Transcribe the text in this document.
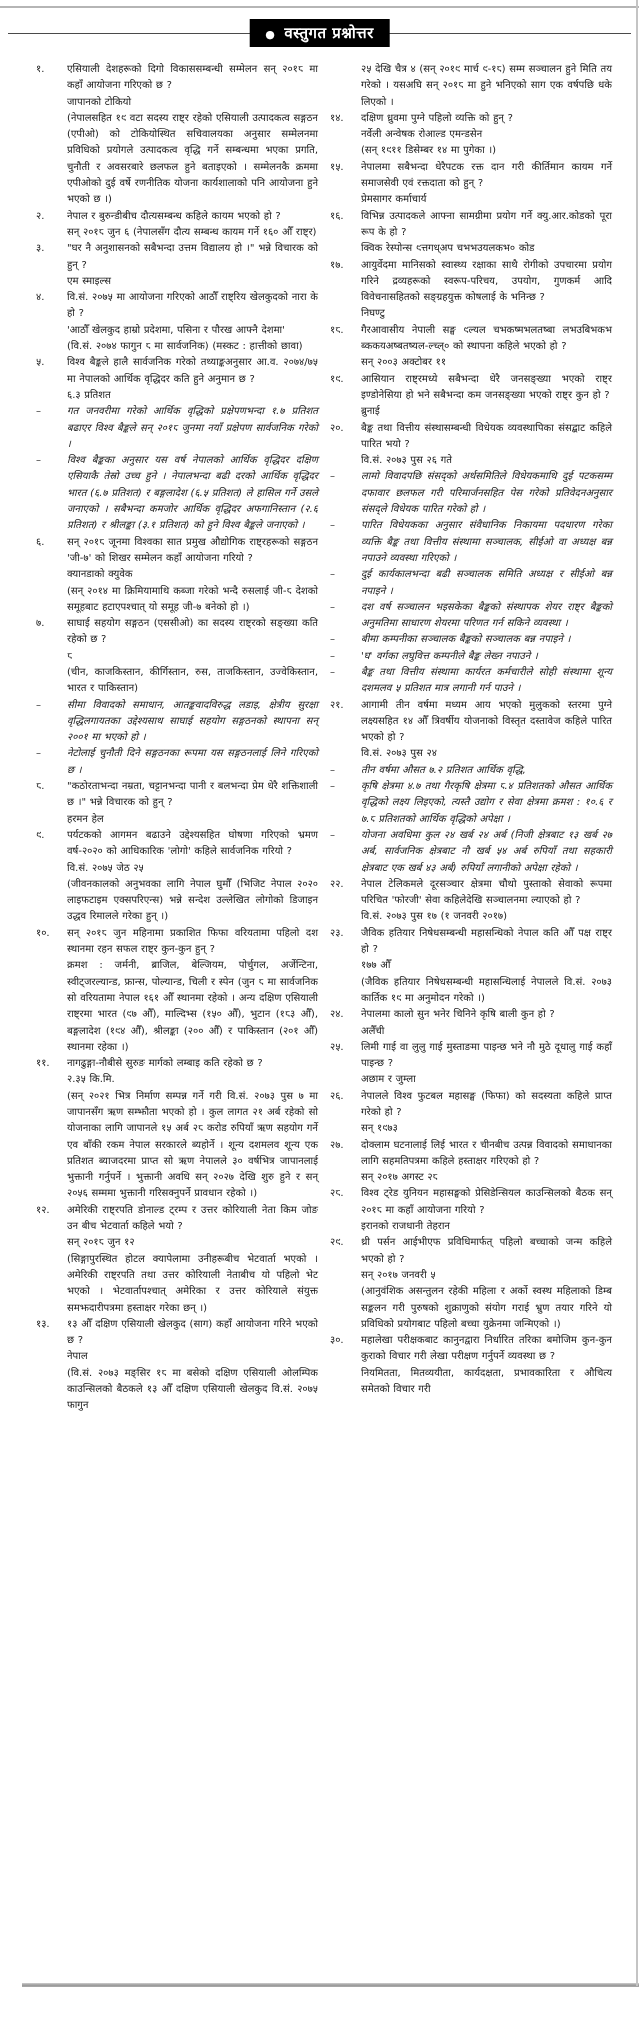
● वस्तुगत प्रश्नोत्तर
१.	एसियाली देशहरूको दिगो विकाससम्बन्धी सम्मेलन सन् २०१८ मा कहाँ आयोजना गरिएको छ ?
जापानको टोकियो
(नेपालसहित १९ वटा सदस्य राष्ट्र रहेको एसियाली उत्पादकत्व सङ्गठन (एपीओ) को टोकियोस्थित सचिवालयका अनुसार सम्मेलनमा प्रविधिको प्रयोगले उत्पादकत्व वृद्धि गर्ने सम्बन्धमा भएका प्रगति, चुनौती र अवसरबारे छलफल हुने बताइएको । सम्मेलनकै क्रममा एपीओको दुई वर्षे रणनीतिक योजना कार्यशालाको पनि आयोजना हुने भएको छ ।)
२.	नेपाल र बुरुन्डीबीच दौत्यसम्बन्ध कहिले कायम भएको हो ?
सन् २०१८ जुन ६ (नेपालसँग दौत्य सम्बन्ध कायम गर्ने १६० औँ राष्ट्र)
३.	"घर नै अनुशासनको सबैभन्दा उत्तम विद्यालय हो ।" भन्ने विचारक को हुन् ?
एम स्माइल्स
४.	वि.सं. २०७५ मा आयोजना गरिएको आठौँ राष्ट्रिय खेलकुदको नारा के हो ?
'आठौँ खेलकुद हाम्रो प्रदेशमा, पसिना र पौरख आफ्नै देशमा'
(वि.सं. २०७४ फागुन ८ मा सार्वजनिक) (मस्कट : हात्तीको छावा)
५.	विश्व बैङ्कले हालै सार्वजनिक गरेको तथ्याङ्कअनुसार आ.व. २०७४/७५ मा नेपालको आर्थिक वृद्धिदर कति हुने अनुमान छ ?
६.३ प्रतिशत
–	गत जनवरीमा गरेको आर्थिक वृद्धिको प्रक्षेपणभन्दा १.७ प्रतिशत बढाएर विश्व बैङ्कले सन् २०१८ जुनमा नयाँ प्रक्षेपण सार्वजनिक गरेको ।
–	विश्व बैङ्कका अनुसार यस वर्ष नेपालको आर्थिक वृद्धिदर दक्षिण एसियाकै तेस्रो उच्च हुने । नेपालभन्दा बढी दरको आर्थिक वृद्धिदर भारत (६.७ प्रतिशत) र बङ्गलादेश (६.५ प्रतिशत) ले हासिल गर्ने उसले जनाएको । सबैभन्दा कमजोर आर्थिक वृद्धिदर अफगानिस्तान (२.६ प्रतिशत) र श्रीलङ्का (३.१ प्रतिशत) को हुने विश्व बैङ्कले जनाएको ।
६.	सन् २०१८ जूनमा विश्वका सात प्रमुख औद्योगिक राष्ट्रहरूको सङ्गठन 'जी-७' को शिखर सम्मेलन कहाँ आयोजना गरियो ?
क्यानडाको क्युवेक
(सन् २०१४ मा क्रिमियामाथि कब्जा गरेको भन्दै रुसलाई जी-८ देशको समूहबाट हटाएपश्चात् यो समूह जी-७ बनेको हो ।)
७.	साघाई सहयोग सङ्गठन (एससीओ) का सदस्य राष्ट्रको सङ्ख्या कति रहेको छ ?
८
(चीन, काजकिस्तान, कीर्गिस्तान, रुस, ताजकिस्तान, उज्वेकिस्तान, भारत र पाकिस्तान)
–	सीमा विवादको समाधान, आतङ्कवादविरुद्ध लडाइ, क्षेत्रीय सुरक्षा वृद्धिलगायतका उद्देश्यसाथ साघाई सहयोग सङ्गठनको स्थापना सन् २००१ मा भएको हो ।
–	नेटोलाई चुनौती दिने सङ्गठनका रूपमा यस सङ्गठनलाई लिने गरिएको छ ।
८.	"कठोरताभन्दा नम्रता, चट्टानभन्दा पानी र बलभन्दा प्रेम धेरै शक्तिशाली छ ।" भन्ने विचारक को हुन् ?
हरमन हेल
९.	पर्यटकको आगमन बढाउने उद्देश्यसहित घोषणा गरिएको भ्रमण वर्ष-२०२० को आधिकारिक 'लोगो' कहिले सार्वजनिक गरियो ?
वि.सं. २०७५ जेठ २५
(जीवनकालको अनुभवका लागि नेपाल घुमौँ (भिजिट नेपाल २०२० लाइफटाइम एक्सपरिएन्स) भन्ने सन्देश उल्लेखित लोगोको डिजाइन उद्धव रिमालले गरेका हुन् ।)
१०.	सन् २०१८ जुन महिनामा प्रकाशित फिफा वरियतामा पहिलो दश स्थानमा रहन सफल राष्ट्र कुन-कुन हुन् ?
क्रमश : जर्मनी, ब्राजिल, बेल्जियम, पोर्चुगल, अर्जेन्टिना, स्वीट्जरल्यान्ड, फ्रान्स, पोल्यान्ड, चिली र स्पेन (जुन ८ मा सार्वजनिक सो वरियतामा नेपाल १६१ औँ स्थानमा रहेको । अन्य दक्षिण एसियाली राष्ट्रमा भारत (९७ औँ), माल्दिभ्स (१५० औँ), भुटान (१८३ औँ), बङ्गलादेश (१९४ औँ), श्रीलङ्का (२०० औँ) र पाकिस्तान (२०१ औँ) स्थानमा रहेका ।)
११.	नागढुङ्गा-नौबीसे सुरुङ मार्गको लम्बाइ कति रहेको छ ?
२.३५ कि.मि.
(सन् २०२१ भित्र निर्माण सम्पन्न गर्ने गरी वि.सं. २०७३ पुस ७ मा जापानसँग ऋण सम्झौता भएको हो । कुल लागत २१ अर्ब रहेको सो योजनाका लागि जापानले १५ अर्ब २८ करोड रुपियाँ ऋण सहयोग गर्ने एव बाँकी रकम नेपाल सरकारले ब्यहोर्ने । शून्य दशमलव शून्य एक प्रतिशत ब्याजदरमा प्राप्त सो ऋण नेपालले ३० वर्षभित्र जापानलाई भुक्तानी गर्नुपर्ने । भुक्तानी अवधि सन् २०२७ देखि शुरु हुने र सन् २०५६ सम्ममा भुक्तानी गरिसक्नुपर्ने प्रावधान रहेको ।)
१२.	अमेरिकी राष्ट्रपति डोनाल्ड ट्रम्प र उत्तर कोरियाली नेता किम जोङ उन बीच भेटवार्ता कहिले भयो ?
सन् २०१८ जुन १२
(सिङ्गापुरस्थित होटल क्यापेलामा उनीहरूबीच भेटवार्ता भएको । अमेरिकी राष्ट्रपति तथा उत्तर कोरियाली नेताबीच यो पहिलो भेट भएको । भेटवार्तापश्चात् अमेरिका र उत्तर कोरियाले संयुक्त समझदारीपत्रमा हस्ताक्षर गरेका छन् ।)
१३.	१३ औँ दक्षिण एसियाली खेलकुद (साग) कहाँ आयोजना गरिने भएको छ ?
नेपाल
(वि.सं. २०७३ मङ्सिर १८ मा बसेको दक्षिण एसियाली ओलम्पिक काउन्सिलको बैठकले १३ औँ दक्षिण एसियाली खेलकुद वि.सं. २०७५ फागुन
२५ देखि चैत्र ४ (सन् २०१९ मार्च ९-१८) सम्म सञ्चालन हुने मिति तय गरेको । यसअघि सन् २०१८ मा हुने भनिएको साग एक वर्षपछि धके लिएको ।
१४.	दक्षिण ध्रुवमा पुग्ने पहिलो व्यक्ति को हुन् ?
नर्वेली अन्वेषक रोआल्ड एमन्डसेन
(सन् १९११ डिसेम्बर १४ मा पुगेका ।)
१५.	नेपालमा सबैभन्दा धेरैपटक रक्त दान गरी कीर्तिमान कायम गर्ने समाजसेवी एवं रक्तदाता को हुन् ?
प्रेमसागर कर्माचार्य
१६.	विभिन्न उत्पादकले आफ्ना सामग्रीमा प्रयोग गर्ने क्यु.आर.कोडको पूरा रूप के हो ?
क्विक रेस्पोन्स ९त्तगध्अप चभभउयलकभ० कोड
१७.	आयुर्वेदमा मानिसको स्वास्थ्य रक्षाका साथै रोगीको उपचारमा प्रयोग गरिने द्रव्यहरूको स्वरूप-परिचय, उपयोग, गुणकर्म आदि विवेचनासहितको सङ्ग्रहयुक्त कोषलाई के भनिन्छ ?
निघण्टु
१८.	गैरआवासीय नेपाली सङ्घ ९ल्यल चभकष्मभलतष्बा लभउबिभकभ ब्ककयअष्बतष्यल-ल्च्ल्० को स्थापना कहिले भएको हो ?
सन् २००३ अक्टोबर ११
१९.	आसियान राष्ट्रमध्ये सबैभन्दा धेरै जनसङ्ख्या भएको राष्ट्र इण्डोनेसिया हो भने सबैभन्दा कम जनसङ्ख्या भएको राष्ट्र कुन हो ?
ब्रुनाई
२०.	बैङ्क तथा वित्तीय संस्थासम्बन्धी विधेयक व्यवस्थापिका संसद्बाट कहिले पारित भयो ?
वि.सं. २०७३ पुस २६ गते
–	लामो विवादपछि संसद्को अर्थसमितिले विधेयकमाथि दुई पटकसम्म दफावार छलफल गरी परिमार्जनसहित पेस गरेको प्रतिवेदनअनुसार संसद्ले विधेयक पारित गरेको हो ।
–	पारित विधेयकका अनुसार संवैधानिक निकायमा पदधारण गरेका व्यक्ति बैङ्क तथा वित्तीय संस्थामा सञ्चालक, सीईओ वा अध्यक्ष बन्न नपाउने व्यवस्था गरिएको ।
–	दुई कार्यकालभन्दा बढी सञ्चालक समिति अध्यक्ष र सीईओ बन्न नपाइने ।
–	दश वर्ष सञ्चालन भइसकेका बैङ्कको संस्थापक शेयर राष्ट्र बैङ्कको अनुमतिमा साधारण शेयरमा परिणत गर्न सकिने व्यवस्था ।
–	बीमा कम्पनीका सञ्चालक बैङ्कको सञ्चालक बन्न नपाइने ।
–	'घ' वर्गका लघुवित्त कम्पनीले बैङ्क लेख्न नपाउने ।
–	बैङ्क तथा वित्तीय संस्थामा कार्यरत कर्मचारीले सोही संस्थामा शून्य दशमलव ५ प्रतिशत मात्र लगानी गर्न पाउने ।
२१.	आगामी तीन वर्षमा मध्यम आय भएको मुलुकको स्तरमा पुग्ने लक्ष्यसहित १४ औँ त्रिवर्षीय योजनाको विस्तृत दस्तावेज कहिले पारित भएको हो ?
वि.सं. २०७३ पुस २४
–	तीन वर्षमा औसत ७.२ प्रतिशत आर्थिक वृद्धि,
–	कृषि क्षेत्रमा ४.७ तथा गैरकृषि क्षेत्रमा ८.४ प्रतिशतको औसत आर्थिक वृद्धिको लक्ष्य लिइएको, त्यस्तै उद्योग र सेवा क्षेत्रमा क्रमश : १०.६ र ७.८ प्रतिशतको आर्थिक वृद्धिको अपेक्षा ।
–	योजना अवधिमा कुल २४ खर्ब २४ अर्ब (निजी क्षेत्रबाट १३ खर्ब २७ अर्ब, सार्वजनिक क्षेत्रबाट नौ खर्ब ५४ अर्ब रुपियाँ तथा सहकारी क्षेत्रबाट एक खर्ब ४३ अर्ब) रुपियाँ लगानीको अपेक्षा रहेको ।
२२.	नेपाल टेलिकमले दूरसञ्चार क्षेत्रमा चौथो पुस्ताको सेवाको रूपमा परिचित 'फोरजी' सेवा कहिलेदेखि सञ्चालनमा ल्याएको हो ?
वि.सं. २०७३ पुस १७ (१ जनवरी २०१७)
२३.	जैविक हतियार निषेधसम्बन्धी महासन्धिको नेपाल कति औँ पक्ष राष्ट्र हो ?
१७७ औँ
(जैविक हतियार निषेधसम्बन्धी महासन्धिलाई नेपालले वि.सं. २०७३ कार्तिक १९ मा अनुमोदन गरेको ।)
२४.	नेपालमा कालो सुन भनेर चिनिने कृषि बाली कुन हो ?
अलैँची
२५.	लिमी गाई वा लुलु गाई मुस्ताङमा पाइन्छ भने नौ मुठे दूधालु गाई कहाँ पाइन्छ ?
अछाम र जुम्ला
२६.	नेपालले विश्व फुटबल महासङ्घ (फिफा) को सदस्यता कहिले प्राप्त गरेको हो ?
सन् १९७३
२७.	दोक्लाम घटनालाई लिई भारत र चीनबीच उत्पन्न विवादको समाधानका लागि सहमतिपत्रमा कहिले हस्ताक्षर गरिएको हो ?
सन् २०१७ अगस्ट २८
२८.	विश्व ट्रेड युनियन महासङ्घको प्रेसिडेन्सियल काउन्सिलको बैठक सन् २०१८ मा कहाँ आयोजना गरियो ?
इरानको राजधानी तेहरान
२९.	थ्री पर्सन आईभीएफ प्रविधिमार्फत् पहिलो बच्चाको जन्म कहिले भएको हो ?
सन् २०१७ जनवरी ५
(आनुवंशिक असन्तुलन रहेकी महिला र अर्को स्वस्थ महिलाको डिम्ब सङ्कलन गरी पुरुषको शुक्राणुको संयोग गराई भ्रुण तयार गरिने यो प्रविधिको प्रयोगबाट पहिलो बच्चा युक्रेनमा जन्मिएको ।)
३०.	महालेखा परीक्षकबाट कानुनद्वारा निर्धारित तरिका बमोजिम कुन-कुन कुराको विचार गरी लेखा परीक्षण गर्नुपर्ने व्यवस्था छ ?
नियमितता, मितव्ययीता, कार्यदक्षता, प्रभावकारिता र औचित्य समेतको विचार गरी
